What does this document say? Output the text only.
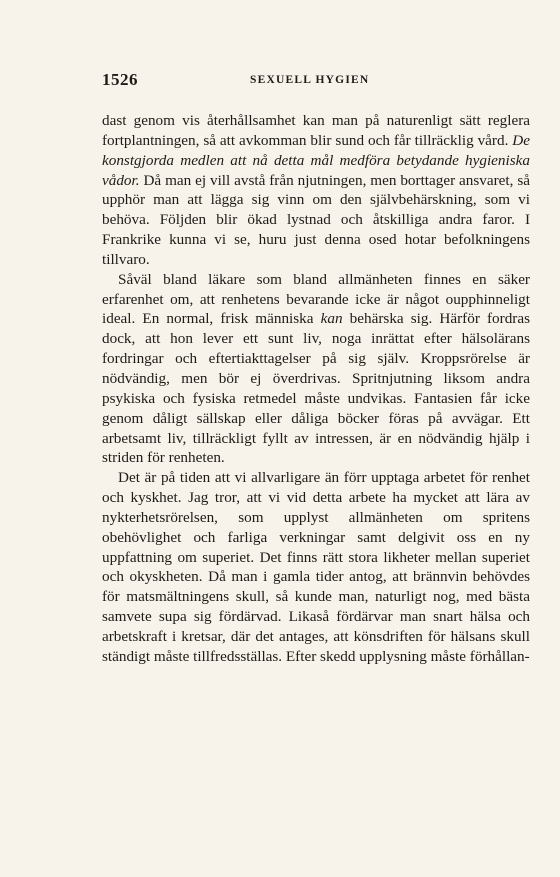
1526	SEXUELL HYGIEN

dast genom vis återhållsamhet kan man på naturenligt sätt reglera fortplantningen, så att avkomman blir sund och får tillräcklig vård. De konstgjorda medlen att nå detta mål medföra betydande hygieniska vådor. Då man ej vill avstå från njutningen, men borttager ansvaret, så upphör man att lägga sig vinn om den självbehärskning, som vi behöva. Följden blir ökad lystnad och åtskilliga andra faror. I Frankrike kunna vi se, huru just denna osed hotar befolkningens tillvaro.

Såväl bland läkare som bland allmänheten finnes en säker erfarenhet om, att renhetens bevarande icke är något oupphinneligt ideal. En normal, frisk människa kan behärska sig. Härför fordras dock, att hon lever ett sunt liv, noga inrättat efter hälsolärans fordringar och eftertiakttagelser på sig själv. Kroppsrörelse är nödvändig, men bör ej överdrivas. Spritnjutning liksom andra psykiska och fysiska retmedel måste undvikas. Fantasien får icke genom dåligt sällskap eller dåliga böcker föras på avvägar. Ett arbetsamt liv, tillräckligt fyllt av intressen, är en nödvändig hjälp i striden för renheten.

Det är på tiden att vi allvarligare än förr upptaga arbetet för renhet och kyskhet. Jag tror, att vi vid detta arbete ha mycket att lära av nykterhetsrörelsen, som upplyst allmänheten om spritens obehövlighet och farliga verkningar samt delgivit oss en ny uppfattning om superiet. Det finns rätt stora likheter mellan superiet och okyskheten. Då man i gamla tider antog, att brännvin behövdes för matsmältningens skull, så kunde man, naturligt nog, med bästa samvete supa sig fördärvad. Likaså fördärvar man snart hälsa och arbetskraft i kretsar, där det antages, att könsdriften för hälsans skull ständigt måste tillfredsställas. Efter skedd upplysning måste förhållan-
